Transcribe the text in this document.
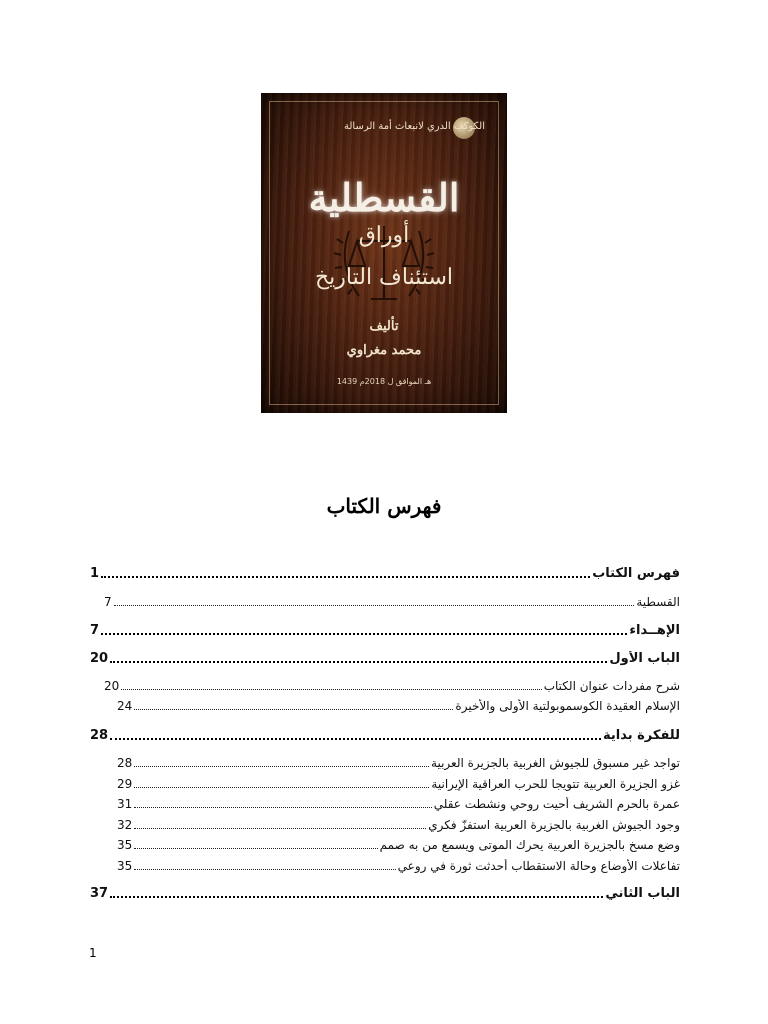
الكوكب الدري لانبعاث أمة الرسالة
القسطلية
أوراق
استئناف التاريخ
تأليف
محمد مغراوي
1439 هـ الموافق ل 2018م
فهرس الكتاب
فهرس الكتاب
1
القسطية
7
الإهــداء
7
الباب الأول
20
شرح مفردات عنوان الكتاب
20
الإسلام العقيدة الكوسموبولتية الأولى والأخيرة
24
للفكرة بداية
28
تواجد غير مسبوق للجيوش الغربية بالجزيرة العربية
28
غزو الجزيرة العربية تتويجا للحرب العراقية الإيرانية
29
عمرة بالحرم الشريف أحيت روحي ونشطت عقلي
31
وجود الجيوش الغربية بالجزيرة العربية استفزّ فكري
32
وضع مسخ بالجزيرة العربية يحرك الموتى ويسمع من به صمم
35
تفاعلات الأوضاع وحالة الاستقطاب أحدثت ثورة في روعي
35
الباب الثاني
37
1
